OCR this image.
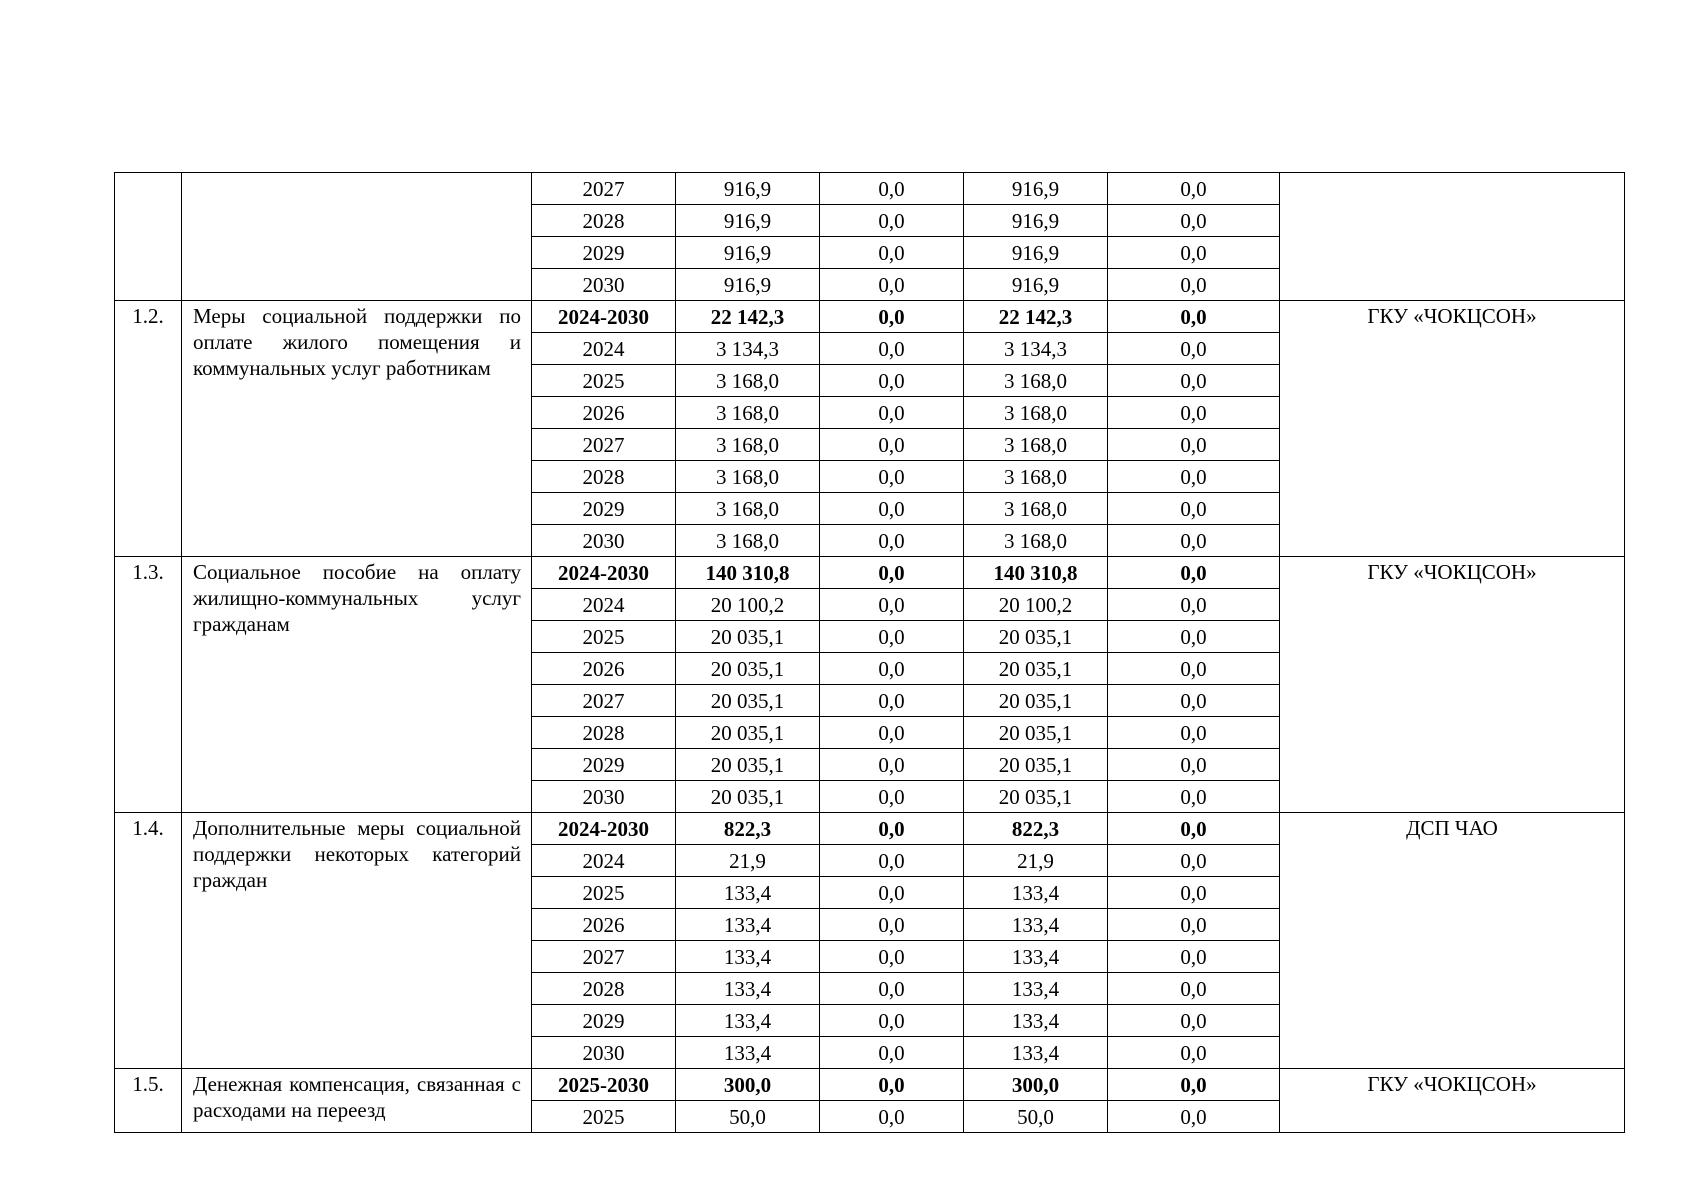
		2027	916,9	0,0	916,9	0,0	
		2028	916,9	0,0	916,9	0,0	
		2029	916,9	0,0	916,9	0,0	
		2030	916,9	0,0	916,9	0,0	
1.2.	Меры социальной поддержки по оплате жилого помещения и коммунальных услуг работникам	2024-2030	22 142,3	0,0	22 142,3	0,0	ГКУ «ЧОКЦСОН»
		2024	3 134,3	0,0	3 134,3	0,0	
		2025	3 168,0	0,0	3 168,0	0,0	
		2026	3 168,0	0,0	3 168,0	0,0	
		2027	3 168,0	0,0	3 168,0	0,0	
		2028	3 168,0	0,0	3 168,0	0,0	
		2029	3 168,0	0,0	3 168,0	0,0	
		2030	3 168,0	0,0	3 168,0	0,0	
1.3.	Социальное пособие на оплату жилищно-коммунальных услуг гражданам	2024-2030	140 310,8	0,0	140 310,8	0,0	ГКУ «ЧОКЦСОН»
		2024	20 100,2	0,0	20 100,2	0,0	
		2025	20 035,1	0,0	20 035,1	0,0	
		2026	20 035,1	0,0	20 035,1	0,0	
		2027	20 035,1	0,0	20 035,1	0,0	
		2028	20 035,1	0,0	20 035,1	0,0	
		2029	20 035,1	0,0	20 035,1	0,0	
		2030	20 035,1	0,0	20 035,1	0,0	
1.4.	Дополнительные меры социальной поддержки некоторых категорий граждан	2024-2030	822,3	0,0	822,3	0,0	ДСП ЧАО
		2024	21,9	0,0	21,9	0,0	
		2025	133,4	0,0	133,4	0,0	
		2026	133,4	0,0	133,4	0,0	
		2027	133,4	0,0	133,4	0,0	
		2028	133,4	0,0	133,4	0,0	
		2029	133,4	0,0	133,4	0,0	
		2030	133,4	0,0	133,4	0,0	
1.5.	Денежная компенсация, связанная с расходами на переезд	2025-2030	300,0	0,0	300,0	0,0	ГКУ «ЧОКЦСОН»
		2025	50,0	0,0	50,0	0,0	
